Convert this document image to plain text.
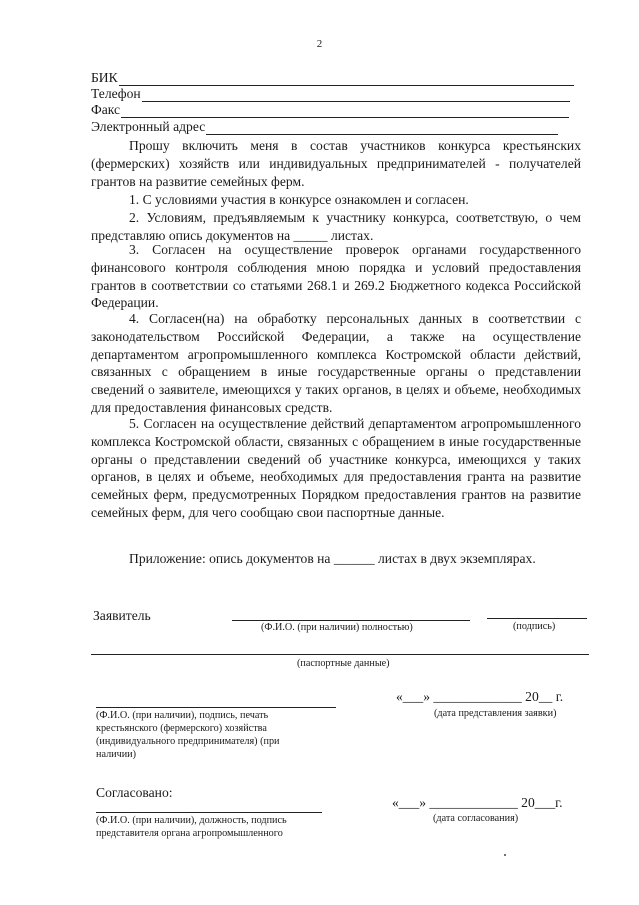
2
БИК
Телефон
Факс
Электронный адрес
Прошу включить меня в состав участников конкурса крестьянских (фермерских) хозяйств или индивидуальных предпринимателей - получателей грантов на развитие семейных ферм.
1. С условиями участия в конкурсе ознакомлен и согласен.
2. Условиям, предъявляемым к участнику конкурса, соответствую, о чем представляю опись документов на _____ листах.
3. Согласен на осуществление проверок органами государственного финансового контроля соблюдения мною порядка и условий предоставления грантов в соответствии со статьями 268.1 и 269.2 Бюджетного кодекса Российской Федерации.
4. Согласен(на) на обработку персональных данных в соответствии с законодательством Российской Федерации, а также на осуществление департаментом агропромышленного комплекса Костромской области действий, связанных с обращением в иные государственные органы о представлении сведений о заявителе, имеющихся у таких органов, в целях и объеме, необходимых для предоставления финансовых средств.
5. Согласен на осуществление действий департаментом агропромышленного комплекса Костромской области, связанных с обращением в иные государственные органы о представлении сведений об участнике конкурса, имеющихся у таких органов, в целях и объеме, необходимых для предоставления гранта на развитие семейных ферм, предусмотренных Порядком предоставления грантов на развитие семейных ферм, для чего сообщаю свои паспортные данные.
Приложение: опись документов на ______ листах в двух экземплярах.
Заявитель
(Ф.И.О. (при наличии) полностью)	(подпись)
(паспортные данные)
(Ф.И.О. (при наличии), подпись, печать крестьянского (фермерского) хозяйства (индивидуального предпринимателя) (при наличии)
«___» _____________ 20__ г.
(дата представления заявки)
Согласовано:
(Ф.И.О. (при наличии), должность, подпись представителя органа агропромышленного
«___» _____________ 20___г.
(дата согласования)
